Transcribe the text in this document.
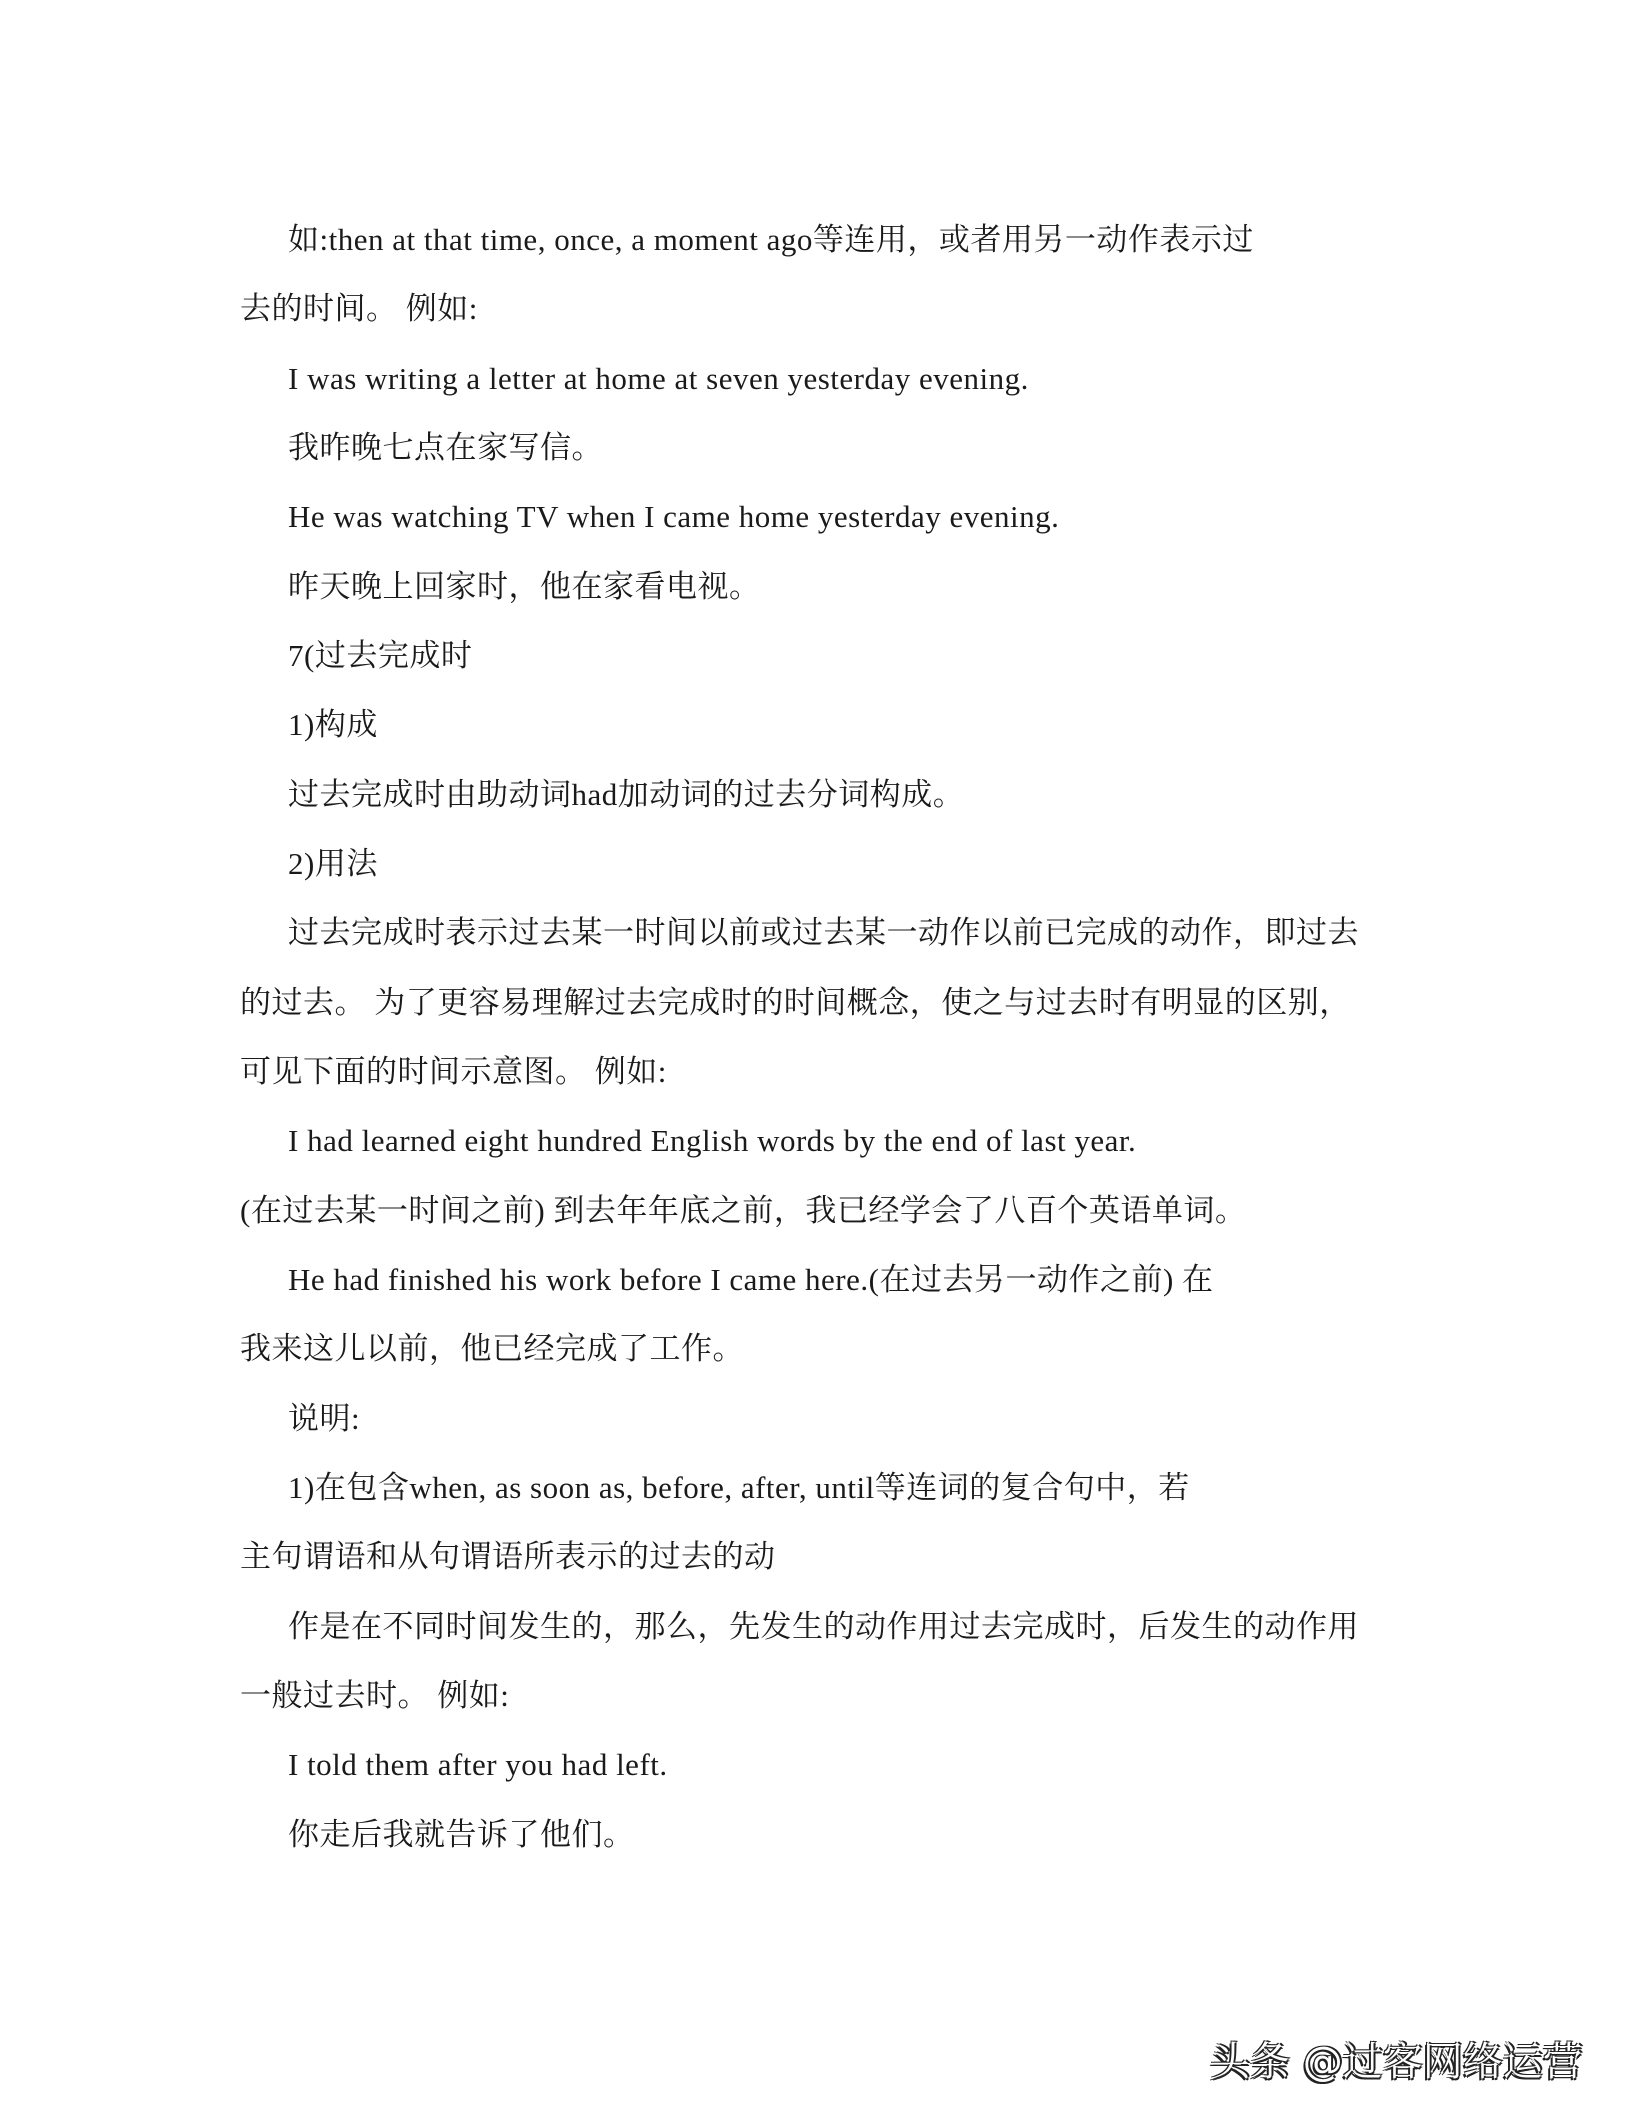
如:then at that time, once, a moment ago等连用，或者用另一动作表示过
去的时间。 例如:
I was writing a letter at home at seven yesterday evening.
我昨晚七点在家写信。
He was watching TV when I came home yesterday evening.
昨天晚上回家时，他在家看电视。
7(过去完成时
1)构成
过去完成时由助动词had加动词的过去分词构成。
2)用法
过去完成时表示过去某一时间以前或过去某一动作以前已完成的动作，即过去
的过去。 为了更容易理解过去完成时的时间概念，使之与过去时有明显的区别，
可见下面的时间示意图。 例如:
I had learned eight hundred English words by the end of last year.
(在过去某一时间之前) 到去年年底之前，我已经学会了八百个英语单词。
He had finished his work before I came here.(在过去另一动作之前) 在
我来这儿以前，他已经完成了工作。
说明:
1)在包含when, as soon as, before, after, until等连词的复合句中，若
主句谓语和从句谓语所表示的过去的动
作是在不同时间发生的，那么，先发生的动作用过去完成时，后发生的动作用
一般过去时。 例如:
I told them after you had left.
你走后我就告诉了他们。
头条 @过客网络运营
